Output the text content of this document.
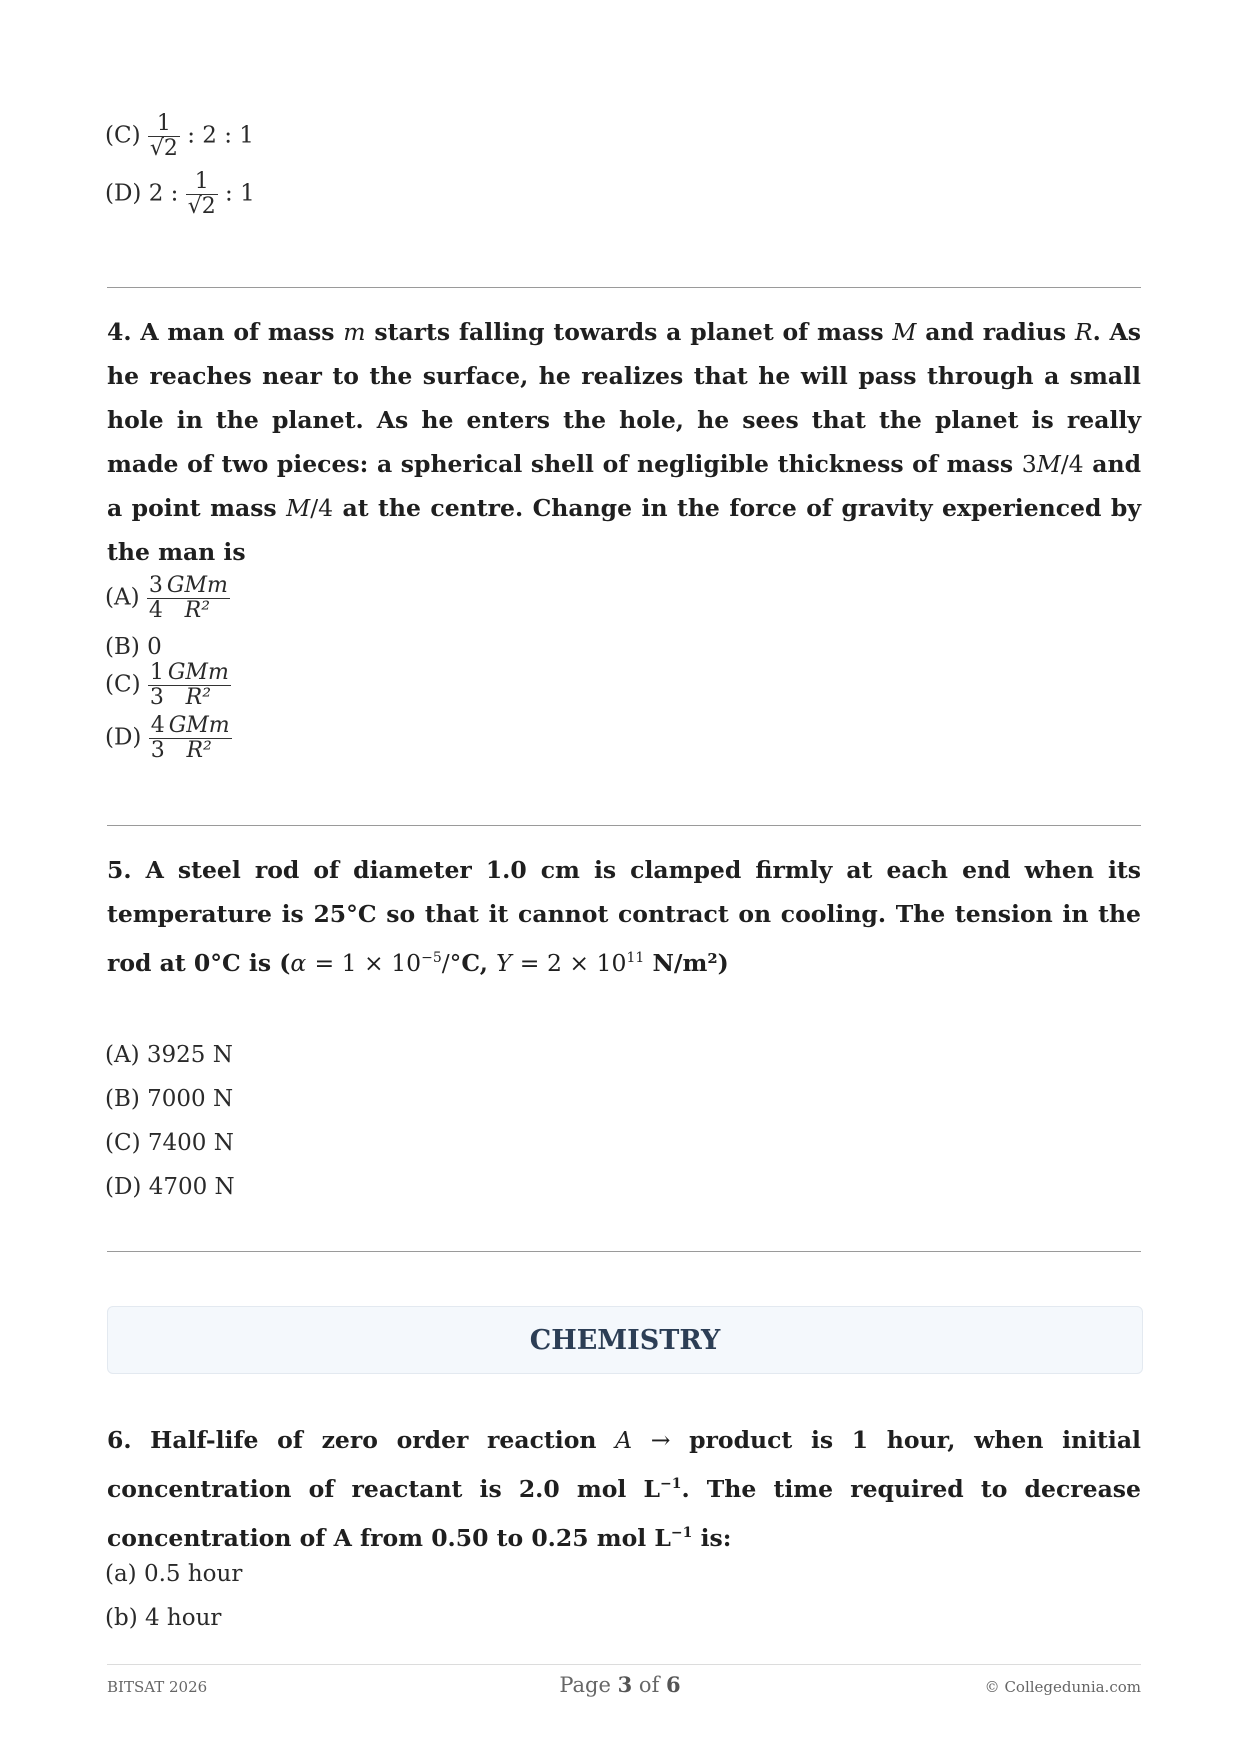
$(C) \frac{1}{√2}$ : 2 : 1
(D) 2 : $\frac{1}{√2}$ : 1
4. A man of mass m starts falling towards a planet of mass M and radius R. As he reaches near to the surface, he realizes that he will pass through a small hole in the planet. As he enters the hole, he sees that the planet is really made of two pieces: a spherical shell of negligible thickness of mass 3M/4 and a point mass M/4 at the centre. Change in the force of gravity experienced by the man is
$(A) \frac{3}{4} \frac{\text{GMm}}{\text{R²}}$
(B) 0
$(C) \frac{1}{3} \frac{\text{GMm}}{\text{R²}}$
$(D) \frac{4}{3} \frac{\text{GMm}}{\text{R²}}$
5. A steel rod of diameter 1.0 cm is clamped firmly at each end when its temperature is 25°C so that it cannot contract on cooling. The tension in the rod at 0°C is ($\alpha = 1 \times 10^{-5}/^\circ C$, $Y = 2 \times 10^{11}$ N/m²)
(A) 3925 N
(B) 7000 N
(C) 7400 N
(D) 4700 N
CHEMISTRY
6. Half-life of zero order reaction A → product is 1 hour, when initial concentration of reactant is 2.0 mol $L^{-1}$. The time required to decrease concentration of A from 0.50 to 0.25 mol $L^{-1}$ is:
(a) 0.5 hour
(b) 4 hour
BITSAT 2026	Page 3 of 6	© Collegedunia.com
